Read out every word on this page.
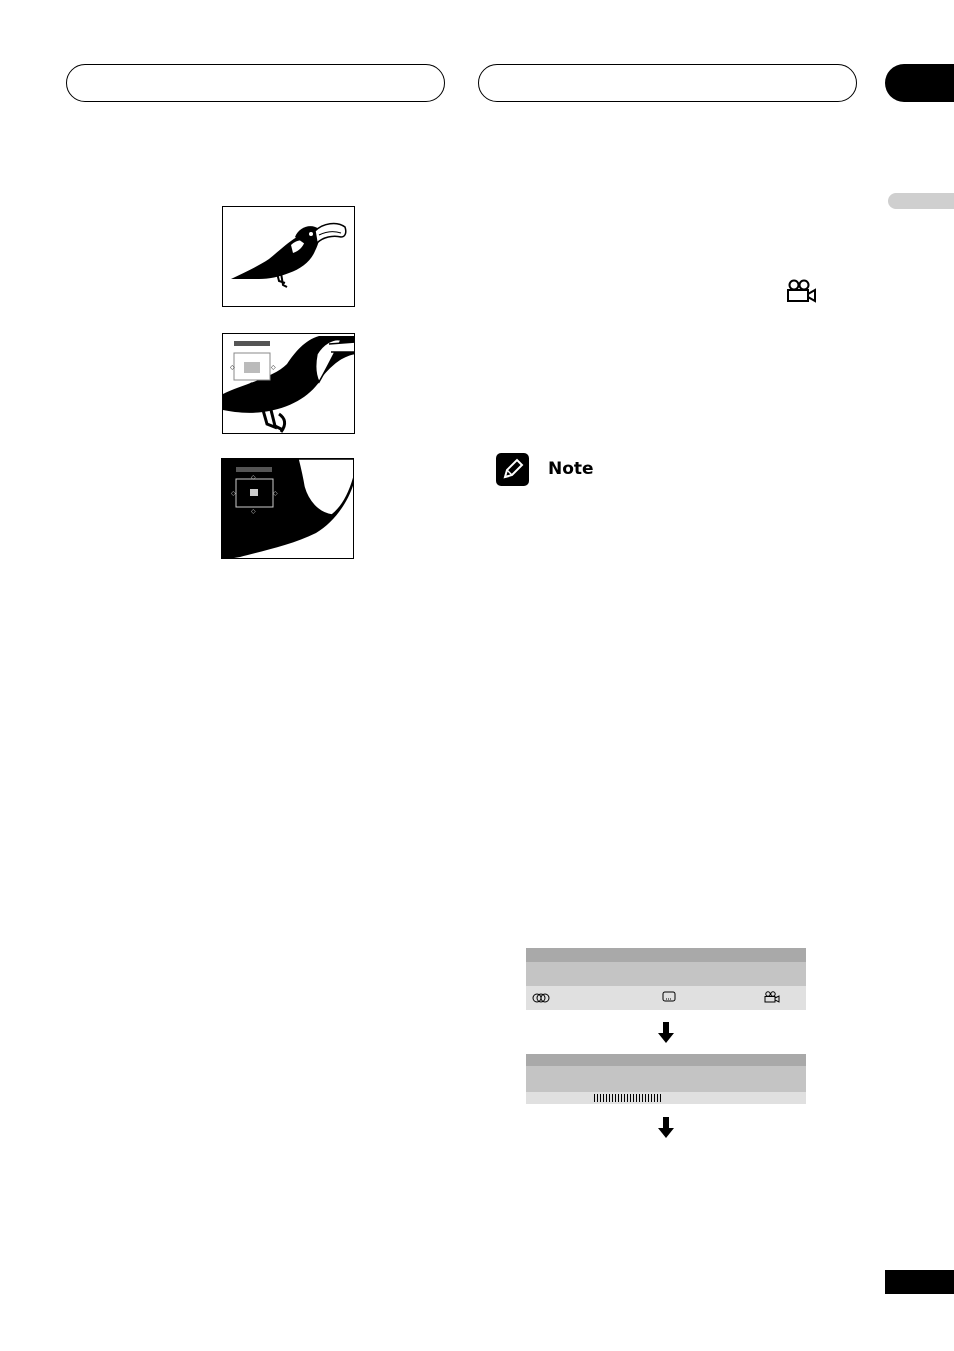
◇	◇
◇
◇
◇	◇
◇
Note
